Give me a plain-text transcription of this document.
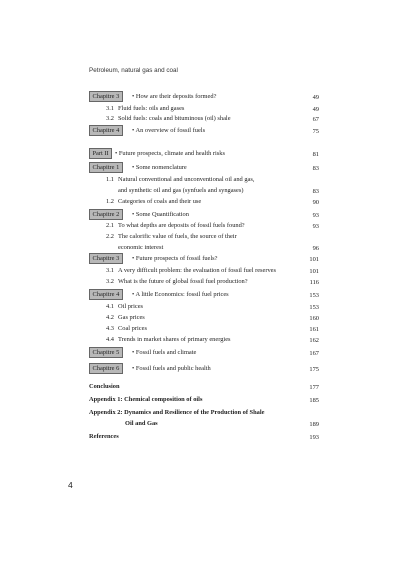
Petroleum, natural gas and coal
Chapitre 3	• How are their deposits formed?	49
3.1 Fluid fuels: oils and gases	49
3.2 Solid fuels: coals and bituminous (oil) shale	67
Chapitre 4	• An overview of fossil fuels	75
Part II • Future prospects, climate and health risks	81
Chapitre 1	• Some nomenclature	83
1.1 Natural conventional and unconventional oil and gas,
and synthetic oil and gas (synfuels and syngases)	83
1.2 Categories of coals and their use	90
Chapitre 2	• Some Quantification	93
2.1 To what depths are deposits of fossil fuels found?	93
2.2 The calorific value of fuels, the source of their
economic interest	96
Chapitre 3	• Future prospects of fossil fuels?	101
3.1 A very difficult problem: the evaluation of fossil fuel reserves	101
3.2 What is the future of global fossil fuel production?	116
Chapitre 4	• A little Economics: fossil fuel prices	153
4.1 Oil prices	153
4.2 Gas prices	160
4.3 Coal prices	161
4.4 Trends in market shares of primary energies	162
Chapitre 5	• Fossil fuels and climate	167
Chapitre 6	• Fossil fuels and public health	175
Conclusion	177
Appendix 1: Chemical composition of oils	185
Appendix 2: Dynamics and Resilience of the Production of Shale
Oil and Gas	189
References	193
4
